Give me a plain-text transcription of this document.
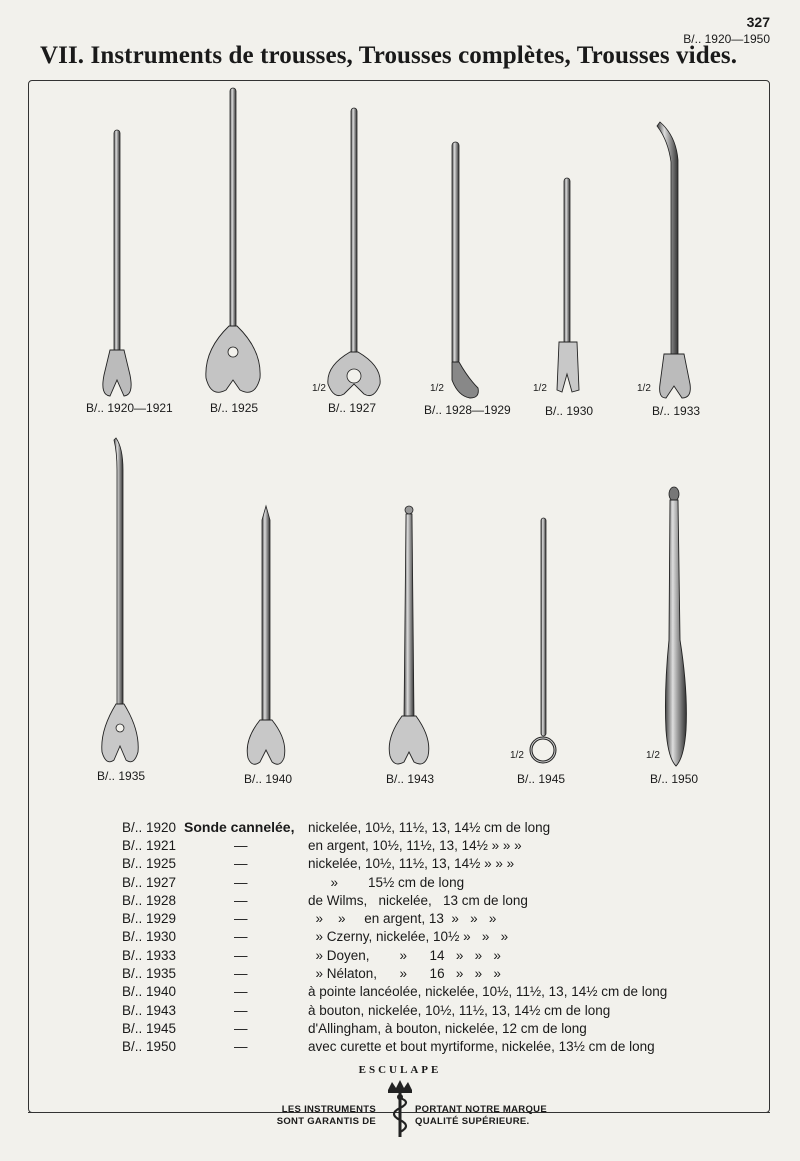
327
B/.. 1920—1950
VII. Instruments de trousses, Trousses complètes, Trousses vides.
B/.. 1920—1921	B/.. 1925
1/2
B/.. 1927
1/2
B/.. 1928—1929
1/2
B/.. 1930
1/2
B/.. 1933
B/.. 1935	B/.. 1940	B/.. 1943
1/2
B/.. 1945
1/2
B/.. 1950
B/.. 1920 Sonde cannelée,	nickelée, 10½, 11½, 13, 14½ cm de long
B/.. 1921	—	en argent, 10½, 11½, 13, 14½ » » »
B/.. 1925	—	nickelée, 10½, 11½, 13, 14½ » » »
B/.. 1927	—	»        15½ cm de long
B/.. 1928	—	de Wilms,   nickelée,   13 cm de long
B/.. 1929	—	»    »     en argent, 13  »   »   »
B/.. 1930	—	» Czerny, nickelée, 10½ »   »   »
B/.. 1933	—	» Doyen,        »      14   »   »   »
B/.. 1935	—	» Nélaton,      »      16   »   »   »
B/.. 1940	—	à pointe lancéolée, nickelée, 10½, 11½, 13, 14½ cm de long
B/.. 1943	—	à bouton, nickelée, 10½, 11½, 13, 14½ cm de long
B/.. 1945	—	d'Allingham, à bouton, nickelée, 12 cm de long
B/.. 1950	—	avec curette et bout myrtiforme, nickelée, 13½ cm de long
ESCULAPE
LES INSTRUMENTS
SONT GARANTIS DE
PORTANT NOTRE MARQUE
QUALITÉ SUPÉRIEURE.
